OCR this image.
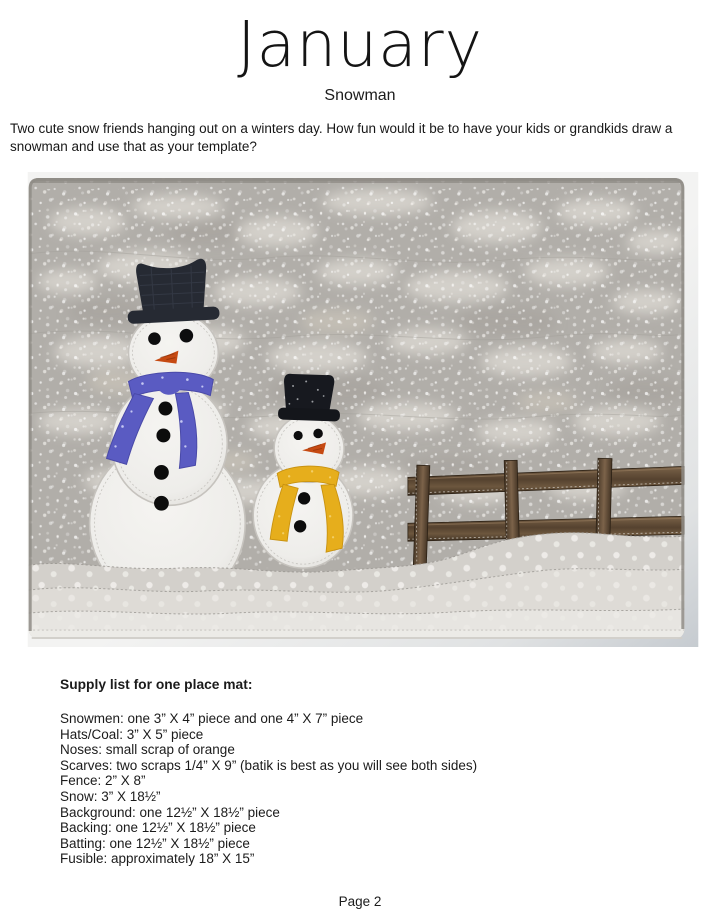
January
Snowman
Two cute snow friends hanging out on a winters day. How fun would it be to have your kids or grandkids draw a snowman and use that as your template?
Supply list for one place mat:
Snowmen: one 3” X 4” piece and one 4” X 7” piece
Hats/Coal: 3” X 5” piece
Noses: small scrap of orange
Scarves: two scraps 1/4” X 9” (batik is best as you will see both sides)
Fence: 2” X 8”
Snow: 3” X 18½”
Background: one 12½” X 18½” piece
Backing: one 12½” X 18½” piece
Batting: one 12½” X 18½” piece
Fusible: approximately 18” X 15”
Page 2
